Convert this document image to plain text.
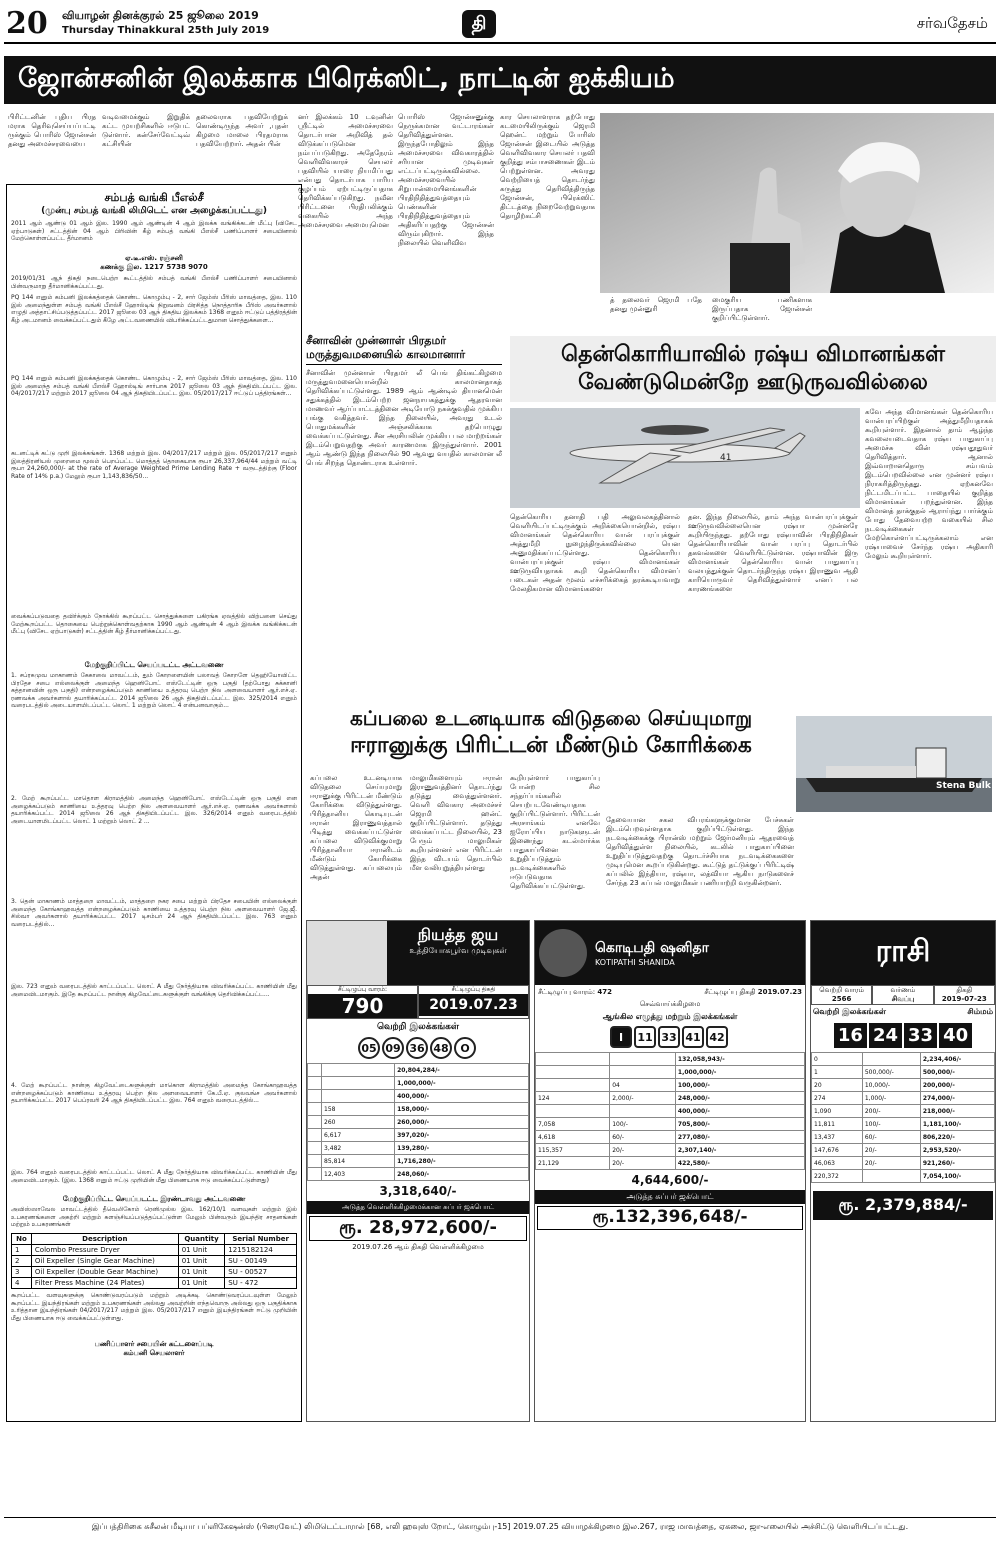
20 வியாழன் தினக்குரல் 25 ஜூலை 2019
Thursday Thinakkural 25th July 2019	தி	சர்வதேசம்
ஜோன்சனின் இலக்காக பிரெக்ஸிட், நாட்டின் ஐக்கியம்
பிரிட்டனின் புதிய பிரத மராக தெரிவுசெய்யப்பட்டி ருக்கும் பொரிஸ் ஜோன்சன் தனது அமைச்சரவையை
வடிவமைக்கும் இறுதிக் கட்ட முயற்சிகளில் ஈடுபட் டுள்ளார். கன்சேர்வேட்டிவ் கட்சியின்
தலைவராக பதவியேற்றுக் கொண்டிருந்த அவர் ,புதன் கிழமை மாலை பிரதமராக பதவியேற்றார். அதன் பின்
னர் இலக்கம் 10 டவுனின் ஸ்ரீட்டில் அமைச்சரவை தொடர்பான அறிவித் தல் விடுக்கப்படுமென நம்பப்படுகிறது. அதேநேரம் வெளிவிவகாரச் செயலர் பதவியில் யாரை நியமிப்பது என்பது தொடர்பாக பாரிய குழப்பம் ஏற்பட்டிருப்பதாக தெரிவிக்கப்படுகிறது. நவீன பிரிட்டனை பிரதிபலிக்கும் வகையில் அந்த அமைச்சரவை அமையுமென
பொரிஸ் ஜோன்சனுக்கு நெருக்கமான வட்டாரங்கள் தெரிவித்துள்ளன. இருந்தபோதிலும் இந்த அமைச்சரவை விவகாரத்தில் சரியான முடிவுகள் எட்டப்பட்டிருக்கவில்லை. அமைச்சரவையில் சிறுபான்மையினங்களின் பிரதிநிதித்துவத்தையும் பெண்களின் பிரதிநிதித்துவத்தையும் அதிகரிப்பதற்கு ஜோன்சன் விரும்புகிறார். இந்த நிலையில் வெளிவிவ
கார செயலாளராக தற்போது கடமையிலிருக்கும் ஜெரமி ஹென்ட் மற்றும் போரிஸ் ஜோன்சன் இடையில் அடுத்த வெளிவிவகார செயலர் பதவி குறித்து சம்பாசணைகள் இடம் பெற்றுள்ளன. அவரது வெற்றியைத் தொடர்ந்து கருத்து தெரிவித்திருந்த ஜோன்சன், பிரெக்ஸிட் திட்டத்தை நிறைவேற்றுவதாக தொழிற்கட்சி
த் தலைவர் ஜெரமி பதே தனது முன்னுரி
மைகுரிய பணிகளாக இருப்பதாக ஜோன்சன் குறிப்பிட்டுள்ளார்.
சம்பத் வங்கி பீஎல்சீ
(முன்பு சம்பத் வங்கி லிமிடெட் என அழைக்கப்பட்டது)
2011 ஆம் ஆண்டு 01 ஆம் இல. 1990 ஆம் ஆண்டின் 4 ஆம் இலக்க வங்கிக்கடன் மீட்பு (விசேட ஏற்பாடுகள்) சட்டத்தின் 04 ஆம் பிரிவின் கீழ் சம்பத் வங்கி பீஎல்சீ பணிப்பாளர் சபையினால் மேற்கொள்ளப்பட்ட தீர்மானம்
ஏ.டீ.எஸ். ரஞ்சனி
கணக்கு இல. 1217 5738 9070
2019/01/31 ஆந் திகதி நடைபெற்ற கூட்டத்தில் சம்பத் வங்கி பீஎல்சீ பணிப்பாளர் சபையினால் பின்வருமாறு தீர்மானிக்கப்பட்டது.
PQ 144 எனும் கம்பனி இலக்கத்தைக் கொண்ட கொழும்பு - 2, சார் ஜேம்ஸ் பீரிஸ் மாவத்தை, இல. 110 இல் அமைந்துள்ள சம்பத் வங்கி பீஎல்சீ ஹோல்டிங் நிறுவனம் பிரசித்த நொத்தாரிசு பீரிஸ் அவர்களால் எழுதி அத்தாட்சிப்படுத்தப்பட்ட 2017 ஜூலை 03 ஆந் திகதிய இலக்கம் 1368 எனும் ஈட்டுப் பத்திரத்தின் கீழ் அடமானம் வைக்கப்பட்டதும் கீழே அட்டவணையில் விபரிக்கப்பட்டதுமான சொத்துக்களை...
PQ 144 எனும் கம்பனி இலக்கத்தைக் கொண்ட கொழும்பு - 2, சார் ஜேம்ஸ் பீரிஸ் மாவத்தை, இல. 110 இல் அமைந்த சம்பத் வங்கி பீஎல்சீ ஹோல்டிங் சார்பாக 2017 ஜூலை 03 ஆந் திகதியிடப்பட்ட இல. 04/2017/217 மற்றும் 2017 ஜூலை 04 ஆந் திகதியிடப்பட்ட இல. 05/2017/217 ஈட்டுப் பத்திரங்கள்...
கடனட்டிக் கட்டு முறி இலக்கங்கள். 1368 மற்றும் இல. 04/2017/217 மற்றும் இல. 05/2017/217 எனும் இலத்திரனியல் முறைமை மூலம் பெறப்பட்ட மொத்தத் தொகையாக ரூபா 26,337,964/44 மற்றும் வட்டி ரூபா 24,260,000/- at the rate of Average Weighted Prime Lending Rate + வருடத்திற்கு (Floor Rate of 14% p.a.) மேலும் ரூபா 1,143,836/50...
வைக்கப்படுவதை தவிர்க்கும் நோக்கில் கூறப்பட்ட சொத்துக்களை பகிரங்க ஏலத்தில் விற்பனை செய்து மேற்கூறப்பட்ட தொகையை பெற்றுக்கொள்வதற்காக 1990 ஆம் ஆண்டின் 4 ஆம் இலக்க வங்கிக்கடன் மீட்பு (விசேட ஏற்பாடுகள்) சட்டத்தின் கீழ் தீர்மானிக்கப்பட்டது.
மேற்குறிப்பிட்ட செயப்படட்ட அட்டவணை
1. சப்ரகமுவ மாகாணம் கேகாலை மாவட்டம், தும் கோறளையின் பலாவத் கோறளே தெஹியோவிட்ட பிரதேச சபை எல்லைக்குள் அமைந்த ஹெனிபோட் எஸ்டேட்டின் ஒரு பகுதி (தற்போது சுக்கானி கத்தானவின் ஒரு பகுதி) என்றழைக்கப்படும் காணியை உத்தரவு பெற்ற நில அளவையாளர் ஆர்.எச்.ஏ. ரணவக்க அவர்களால் தயாரிக்கப்பட்ட 2014 ஜூலை 26 ஆந் திகதியிடப்பட்ட இல. 325/2014 எனும் வரைபடத்தில் அடையாளமிடப்பட்ட லொட் 1 மற்றும் லொட் 4 என்பனவாகும்...
2. மேற் கூறப்பட்ட மாதொள கிராமத்தில் அமைந்த ஹெனிபோட் எஸ்டேட்டின் ஒரு பகுதி என அழைக்கப்படும் காணியை உத்தரவு பெற்ற நில அளவையாளர் ஆர்.எச்.ஏ. ரணவக்க அவர்களால் தயாரிக்கப்பட்ட 2014 ஜூலை 26 ஆந் திகதியிடப்பட்ட இல. 326/2014 எனும் வரைபடத்தில் அடையாளமிடப்பட்ட லொட் 1 மற்றும் லொட் 2 ...
3. தென் மாகாணம் மாத்தறை மாவட்டம், மாத்தறை நகர சபை மற்றும் பிரதேச சபையின் எல்லைக்குள் அமைந்த கோங்காஹவத்த என்றழைக்கப்படும் காணியை உத்தரவு பெற்ற நில அளவையாளர் ஜே.ஜீ. சில்வா அவர்களால் தயாரிக்கப்பட்ட 2017 டிசம்பர் 24 ஆந் திகதியிடப்பட்ட இல. 763 எனும் வரைபடத்தில்...
இல. 723 எனும் வரைபடத்தில் காட்டப்பட்ட லொட் A மீது நேர்த்தியாக விவரிக்கப்பட்ட காணியின் மீது அமைவிடமாகும். இதே கூறப்பட்ட நான்கு கிழவேட்டைகளுக்குள் வங்கிக்கு தெரிவிக்கப்பட்ட...
4. மேற் கூறப்பட்ட நான்கு கிழவேட்டைகளுக்குள் மாகொள கிராமத்தில் அமைந்த கோங்காஹவத்த என்றழைக்கப்படும் காணியை உத்தரவு பெற்ற நில அளவையாளர் கே.பீ.ஏ. குலவங்ச அவர்களால் தயாரிக்கப்பட்ட 2017 பெப்ரவரி 24 ஆந் திகதியிடப்பட்ட இல. 764 எனும் வரைபடத்தில்...
இல. 764 எனும் வரைபடத்தில் காட்டப்பட்ட லொட் A மீது நேர்த்தியாக விவரிக்கப்பட்ட காணியின் மீது அமைவிடமாகும். (இல. 1368 எனும் ஈட்டு முறியின் மீது பிணையாக ஈடு வைக்கப்பட்டுள்ளது)
மேற்குறிப்பிட்ட செயப்படட்ட இரண்டாவது அட்டவணை
அவிஸ்ஸாவேல மாவட்டத்தில் தீவெலிகோம் ரெனிமுல்ல இல. 162/10/1 வளவுகள் மற்றும் இல் உபகரணங்களை அகற்றி மற்றும் களஞ்சியப்படுத்தப்பட்டுள்ள மேலும் பின்வரும் இயந்திர சாதனங்கள் மற்றும் உபகரணங்கள்
No	Description	Quantity	Serial Number
1	Colombo Pressure Dryer	01 Unit	1215182124
2	Oil Expeller (Single Gear Machine)	01 Unit	SU - 00149
3	Oil Expeller (Double Gear Machine)	01 Unit	SU - 00527
4	Filter Press Machine (24 Plates)	01 Unit	SU - 472
கூறப்பட்ட வளவுகளுக்கு கொண்டுவரப்படும் மற்றும் அடிக்கடி கொண்டுவரப்படவுள்ள மேலும் கூறப்பட்ட இயந்திரங்கள் மற்றும் உபகரணங்கள் அல்லது அவற்றின் எந்தவொரு அல்லது ஒரு பகுதிக்காக உரித்தான இயந்திரங்கள் 04/2017/217 மற்றும் இல. 05/2017/217 எனும் இயந்திரங்கள் ஈட்டு முறியின் மீது பிணையாக ஈடு வைக்கப்பட்டுள்ளது.
பணிப்பாளர் சபையின் கட்டளைப்படி
கம்பனி செயலாளர்
சீனாவின் முன்னாள் பிரதமர் மருத்துவமனையில் காலமானார்
சீனாவின் முன்னாள் பிரதமர் லீ பெங் திங்கட்கிழமை மருத்துவமனையொன்றில் காலமானதாகத் தெரிவிக்கப்பட்டுள்ளது. 1989 ஆம் ஆண்டில் தியானமென் சதுக்கத்தில் இடம்பெற்ற ஜனநாயகத்துக்கு ஆதரவான மாணவர் ஆர்ப்பாட்டத்தினை அடியோடு நசுக்குவதில் முக்கிய பங்கு வகித்தவர். இந்த நிலையில், அவரது உடல் பொதுமக்களின் அஞ்சலிக்காக தற்பொழுது வைக்கப்பட்டுள்ளது. சீன அரசியலின் முக்கிய பல மாற்றங்கள் இடம்பெறுவதற்கு அவர் காரணமாக இருந்துள்ளார். 2001 ஆம் ஆண்டு இந்த நிலையில் 90 ஆவது வயதில் காலமான லீ பெங் சிறந்த தொண்டராக உள்ளார்.
தென்கொரியாவில் ரஷ்ய விமானங்கள்
வேண்டுமென்றே ஊடுருவவில்லை
41
கவே அந்த விமானங்கள் தென்கொரிய வான்பரப்பிற்குள் அத்துமீறியதாகக் கூறியுள்ளார். இதனால் தாம் ஆழ்ந்த கவலையடைவதாக ரஷ்ய பாதுகாப்பு அமைச்சு வின் ரஷ்யதூதுவர் தெரிவித்தார். ஆனால் இவ்வாறானதொரு சம்பவம் இடம்பெறவில்லை என முன்னர் ரஷ்ய நிராகரித்திருந்தது. ஏற்கனவே நிட்டமிடப்பட்ட பாதையில் குறித்த விமானங்கள் பறந்துள்ளன. இந்த விமானத் தாக்குதல் ஆராய்ந்து பார்க்கும் போது தேவையற்ற வகையில் சில நடவடிக்கைகள் மேற்கொள்ளப்பட்டிருக்கலாம் என ரஷ்யாவைச் சேர்ந்த ரஷ்ய அதிகாரி மேலும் கூறியுள்ளார்.
தென்கொரிய தனாதி பதி அலுவலகத்தினால் வெளியிடப்பட்டிருக்கும் அறிக்கையொன்றில், ரஷ்ய விமானங்கள் தென்கொரிய வான் பரப்புக்குள் அத்துமீறி நுழைந்திருக்கவில்லை யென அனுமதிக்கப்பட்டுள்ளது. தென்கொரிய வான்பரப்புக்குள் ரஷ்ய விமானங்கள் ஊடுருவியதாகக் கூறி தென்கொரிய விமானப் படைகள் அதன் மூலம் எச்சரிக்கைத் தரக்கூடியவாறு மேலதிகமான விமானங்களை
தன. இந்த நிலையில், தாம் அந்த வான்பரப்புக்குள் ஊடுருவவில்லையென ரஷ்யா முன்னரே கூறியிருந்தது. தற்போது ரஷ்யாவின் பிரதிநிதிகள் தென்கொரியாவின் வான் பரப்பு தொடர்பில் தகவல்களை வெளியிட்டுள்ளன. ரஷ்யாவின் இரு விமானங்கள் தென்கொரிய வான் பாதுகாப்பு வலயத்துக்குள் தொடர்ந்திருந்த ரஷ்ய இராணுவ ஆதி காரியொருவர் தெரிவித்துள்ளார் எனப் பல காரணங்களை
கப்பலை உடனடியாக விடுதலை செய்யுமாறு
ஈரானுக்கு பிரிட்டன் மீண்டும் கோரிக்கை
Stena Bulk
கப்பலை உடனடியாக விடுதலை செய்யுமாறு ஈரானுக்கு பிரிட்டன் மீண்டும் கோரிக்கை விடுத்துள்ளது. பிரித்தானிய கொடியுடன் ஈரான் இராணுவத்தால் பிடித்து வைக்கப்பட்டுள்ள கப்பலை விடுவிக்குமாறு பிரித்தானியா ஈரானிடம் மீண்டும் கோரிக்கை விடுத்துள்ளது. கப்பலையும் அதன்
மாலுமிகளையும் ஈரான் இராணுவத்தினர் தொடர்ந்து தடுத்து வைத்துள்ளனர். வெளி விவகார அமைச்சர் ஜெரமி ஹன்ட் குறிப்பிட்டுள்ளார். தடுத்து வைக்கப்பட்ட நிலையில், 23 பேரும் மாலுமிகள் கூறியுள்ளனர் என பிரிட்டன் இந்த விடயம் தொடர்பில் மீள வலியுறுத்தியுள்ளது
கூறியுள்ளார் பாதுகாப்பு போன்ற சில சந்தர்ப்பங்களில் செயற்படவேண்டியதாக குறிப்பிட்டுள்ளார். பிரிட்டன் அரசாங்கம் எனவே ஐரோப்பிய நாடுகளுடன் இணைந்து கடல்மார்க்க பாதுகாப்பினை உறுதிப்படுத்தும் நடவடிக்கைகளில் ஈடுபடுவதாக தெரிவிக்கப்பட்டுள்ளது.
தேவையான சகல விபரங்களுக்குமான பேச்சுகள் இடம்பெறவுள்ளதாக குறிப்பிட்டுள்ளது. இந்த நடவடிக்கைக்கு பிரான்ஸ் மற்றும் ஜேர்மனியும் ஆதரவைத் தெரிவித்துள்ள நிலையில், கடலில் பாதுகாப்பினை உறுதிப்படுத்துவதற்கு தொடர்ச்சியாக நடவடிக்கைகளை முடியுமென கூறப்படுகின்றது. கூட்டுத் தட்டுக்குப் பிரிட்டிஷ் கப்பலில் இந்தியா, ரஷ்யா, லத்வியா ஆகிய நாடுகளைச் சேர்ந்த 23 கப்பல் மாலுமிகள் பணியாற்றி வருகின்றனர்.
நியத்த ஜய
உத்தியோகபூர்வ முடிவுகள்
சீட்டிழுப்பு வாரம்:
790
சீட்டிழுப்பு திகதி
2019.07.23
வெற்றி இலக்கங்கள்
05 09 36 48	O
		20,804,284/-
		1,000,000/-
		400,000/-
	158	158,000/-
	260	260,000/-
	6,617	397,020/-
	3,482	139,280/-
	85,814	1,716,280/-
	12,403	248,060/-
3,318,640/-
அடுத்த வெள்ளிக்கிழமைக்கான சுப்பர் ஜக்பொட்
ரூ. 28,972,600/-
2019.07.26 ஆம் திகதி வெள்ளிக்கிழமை
கொடிபதி ஷனிதா
KOTIPATHI SHANIDA
சீட்டிழுப்பு வாரம்:
472	சீட்டிழுப்பு திகதி
2019.07.23
செவ்வாய்க்கிழமை
ஆங்கில எழுத்து மற்றும் இலக்கங்கள்
I	11 33 41 42
		132,058,943/-
		1,000,000/-
	04	100,000/-
124	2,000/-	248,000/-
		400,000/-
7,058	100/-	705,800/-
4,618	60/-	277,080/-
115,357	20/-	2,307,140/-
21,129	20/-	422,580/-
4,644,600/-
அடுத்த சுப்பர் ஜக்பொட்
ரூ.132,396,648/-
ராசி
வெற்றி வாரம்
2566
வர்ணம்
சிவப்பு
திகதி
2019-07-23
வெற்றி இலக்கங்கள்	சிம்மம்
16 24 33 40
0		2,234,406/-
1	500,000/-	500,000/-
20	10,000/-	200,000/-
274	1,000/-	274,000/-
1,090	200/-	218,000/-
11,811	100/-	1,181,100/-
13,437	60/-	806,220/-
147,676	20/-	2,953,520/-
46,063	20/-	921,260/-
220,372		7,054,100/-
ரூ. 2,379,884/-
இப்பத்திரிகை சுசீலன் மீடியா பப்ளிகேஷன்ஸ் (பிரைவேட்) லிமிடெட்டாரால் [68, எலி ஹவுஸ் றோட், கொழும்பு-15] 2019.07.25 வியாழக்கிழமை இல.267, ராஜ மாவத்தை, ஏகலை, ஜா-எலையில் அச்சிட்டு வெளியிடப்பட்டது.
